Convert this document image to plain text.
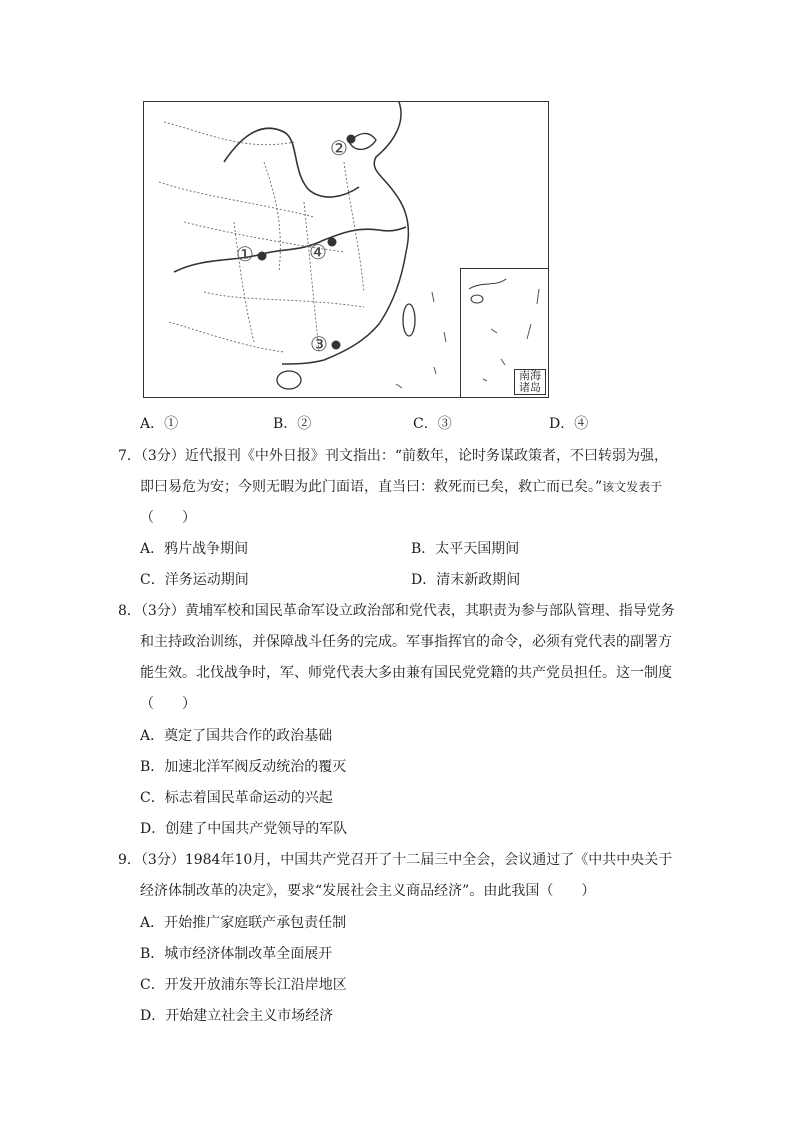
①
②
③
④
南海
诸岛
A．①	B．②	C．③	D．④
7．（3分）近代报刊《中外日报》刊文指出：“前数年，论时务谋政策者，不曰转弱为强，
即曰易危为安；今则无暇为此门面语，直当曰：救死而已矣，救亡而已矣。”该文发表于
（　　）
A．鸦片战争期间	B．太平天国期间
C．洋务运动期间	D．清末新政期间
8．（3分）黄埔军校和国民革命军设立政治部和党代表，其职责为参与部队管理、指导党务
和主持政治训练，并保障战斗任务的完成。军事指挥官的命令，必须有党代表的副署方
能生效。北伐战争时，军、师党代表大多由兼有国民党党籍的共产党员担任。这一制度
（　　）
A．奠定了国共合作的政治基础
B．加速北洋军阀反动统治的覆灭
C．标志着国民革命运动的兴起
D．创建了中国共产党领导的军队
9．（3分）1984年10月，中国共产党召开了十二届三中全会，会议通过了《中共中央关于
经济体制改革的决定》，要求“发展社会主义商品经济”。由此我国（　　）
A．开始推广家庭联产承包责任制
B．城市经济体制改革全面展开
C．开发开放浦东等长江沿岸地区
D．开始建立社会主义市场经济
